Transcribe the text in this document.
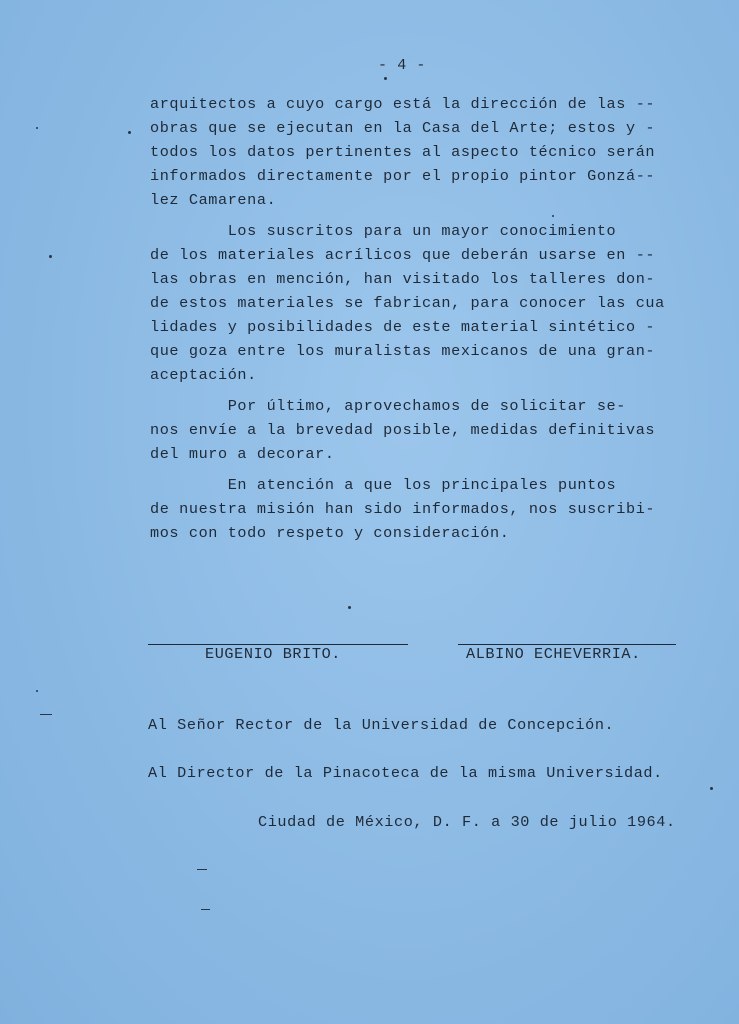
- 4 -
arquitectos a cuyo cargo está la dirección de las --
obras que se ejecutan en la Casa del Arte; estos y -
todos los datos pertinentes al aspecto técnico serán
informados directamente por el propio pintor Gonzá--
lez Camarena.
Los suscritos para un mayor conocimiento
de los materiales acrílicos que deberán usarse en --
las obras en mención, han visitado los talleres don-
de estos materiales se fabrican, para conocer las cua
lidades y posibilidades de este material sintético -
que goza entre los muralistas mexicanos de una gran-
aceptación.
Por último, aprovechamos de solicitar se-
nos envíe a la brevedad posible, medidas definitivas
del muro a decorar.
En atención a que los principales puntos
de nuestra misión han sido informados, nos suscribi-
mos con todo respeto y consideración.
EUGENIO BRITO.	ALBINO ECHEVERRIA.
Al Señor Rector de la Universidad de Concepción.
Al Director de la Pinacoteca de la misma Universidad.
Ciudad de México, D. F. a 30 de julio 1964.
